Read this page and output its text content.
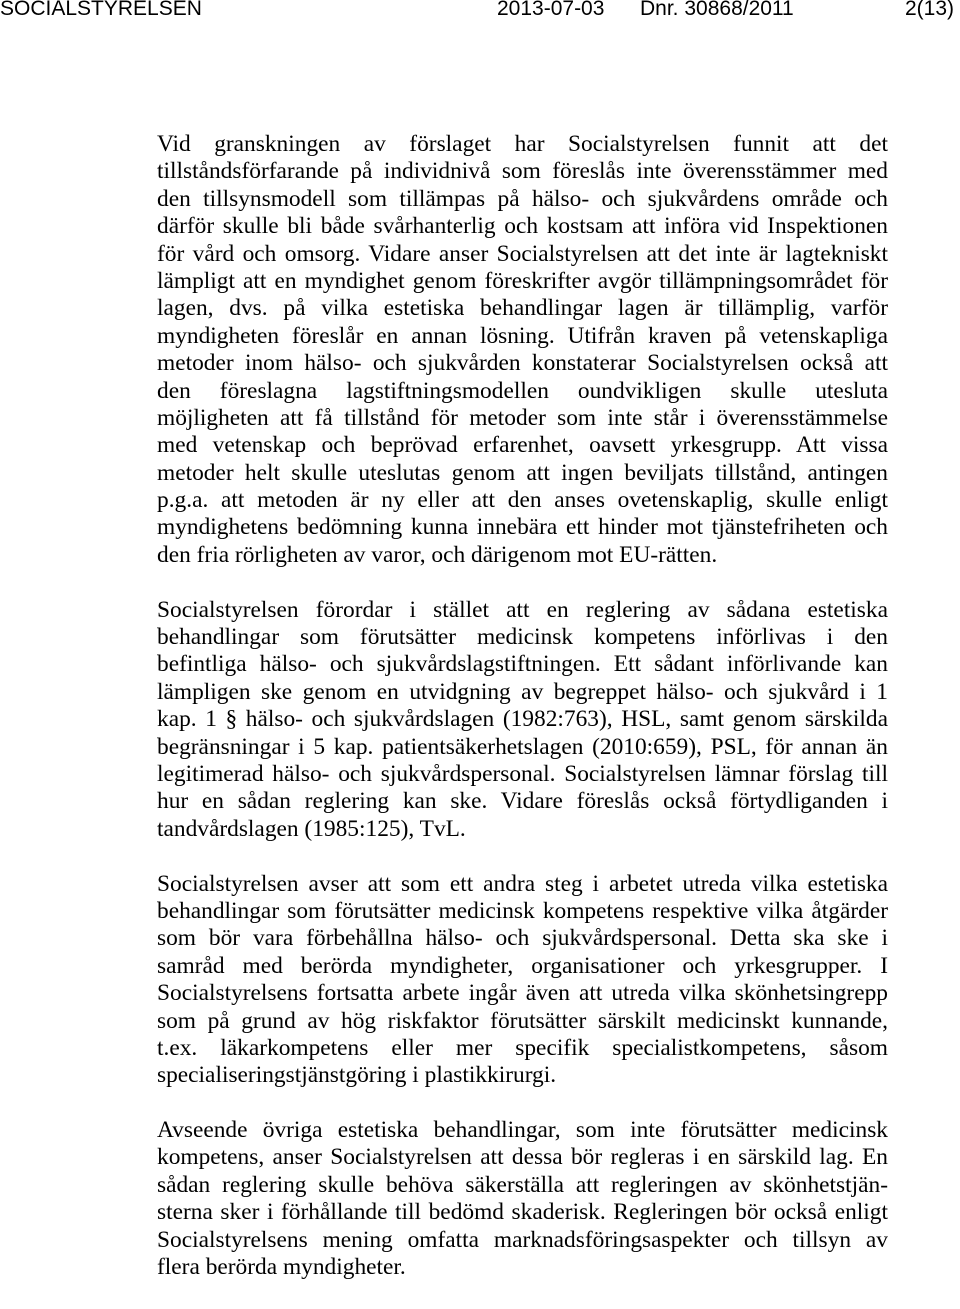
SOCIALSTYRELSEN	2013-07-03 Dnr. 30868/2011	2(13)
Vid granskningen av förslaget har Socialstyrelsen funnit att det
tillståndsförfarande på individnivå som föreslås inte överensstämmer med
den tillsynsmodell som tillämpas på hälso- och sjukvårdens område och
därför skulle bli både svårhanterlig och kostsam att införa vid Inspektionen
för vård och omsorg. Vidare anser Socialstyrelsen att det inte är lagtekniskt
lämpligt att en myndighet genom föreskrifter avgör tillämpningsområdet för
lagen, dvs. på vilka estetiska behandlingar lagen är tillämplig, varför
myndigheten föreslår en annan lösning. Utifrån kraven på vetenskapliga
metoder inom hälso- och sjukvården konstaterar Socialstyrelsen också att
den föreslagna lagstiftningsmodellen oundvikligen skulle utesluta
möjligheten att få tillstånd för metoder som inte står i överensstämmelse
med vetenskap och beprövad erfarenhet, oavsett yrkesgrupp. Att vissa
metoder helt skulle uteslutas genom att ingen beviljats tillstånd, antingen
p.g.a. att metoden är ny eller att den anses ovetenskaplig, skulle enligt
myndighetens bedömning kunna innebära ett hinder mot tjänstefriheten och
den fria rörligheten av varor, och därigenom mot EU-rätten.
Socialstyrelsen förordar i stället att en reglering av sådana estetiska
behandlingar som förutsätter medicinsk kompetens införlivas i den
befintliga hälso- och sjukvårdslagstiftningen. Ett sådant införlivande kan
lämpligen ske genom en utvidgning av begreppet hälso- och sjukvård i 1
kap. 1 § hälso- och sjukvårdslagen (1982:763), HSL, samt genom särskilda
begränsningar i 5 kap. patientsäkerhetslagen (2010:659), PSL, för annan än
legitimerad hälso- och sjukvårdspersonal. Socialstyrelsen lämnar förslag till
hur en sådan reglering kan ske. Vidare föreslås också förtydliganden i
tandvårdslagen (1985:125), TvL.
Socialstyrelsen avser att som ett andra steg i arbetet utreda vilka estetiska
behandlingar som förutsätter medicinsk kompetens respektive vilka åtgärder
som bör vara förbehållna hälso- och sjukvårdspersonal. Detta ska ske i
samråd med berörda myndigheter, organisationer och yrkesgrupper. I
Socialstyrelsens fortsatta arbete ingår även att utreda vilka skönhetsingrepp
som på grund av hög riskfaktor förutsätter särskilt medicinskt kunnande,
t.ex. läkarkompetens eller mer specifik specialistkompetens, såsom
specialiseringstjänstgöring i plastikkirurgi.
Avseende övriga estetiska behandlingar, som inte förutsätter medicinsk
kompetens, anser Socialstyrelsen att dessa bör regleras i en särskild lag. En
sådan reglering skulle behöva säkerställa att regleringen av skönhetstjän-
sterna sker i förhållande till bedömd skaderisk. Regleringen bör också enligt
Socialstyrelsens mening omfatta marknadsföringsaspekter och tillsyn av
flera berörda myndigheter.
